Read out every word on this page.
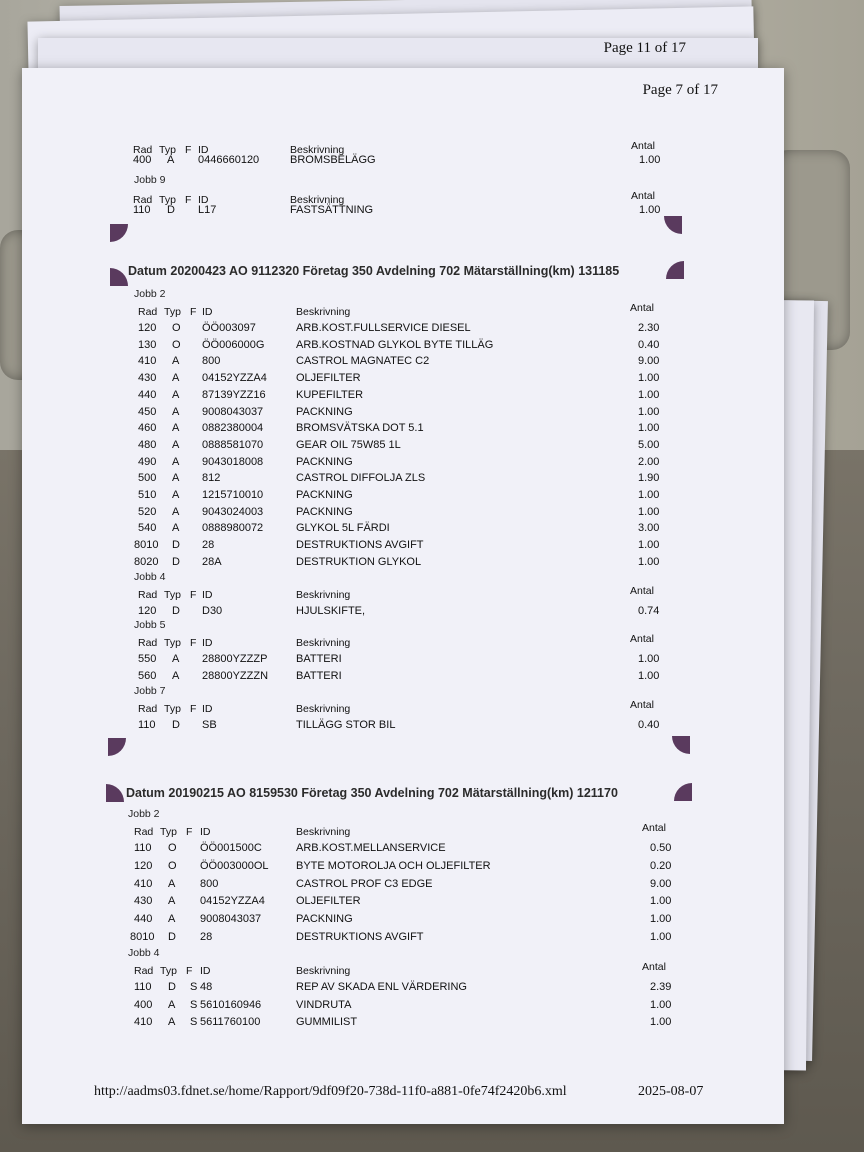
Page 11 of 17
Page 7 of 17
http://aadms03.fdnet.se/home/Rapport/9df09f20-738d-11f0-a881-0fe74f2420b6.xml	2025-08-07
Rad Typ F ID	Beskrivning	Antal
400 A 0446660120	BROMSBELÄGG	1.00
Jobb 9
Rad Typ F ID	Beskrivning	Antal
110 D L17	FASTSÄTTNING	1.00
Datum 20200423 AO 9112320 Företag 350 Avdelning 702 Mätarställning(km) 131185
Jobb 2
Rad Typ F ID	Beskrivning	Antal
120 O ÖÖ003097	ARB.KOST.FULLSERVICE DIESEL	2.30
130 O ÖÖ006000G	ARB.KOSTNAD GLYKOL BYTE TILLÄG	0.40
410 A 800	CASTROL MAGNATEC C2	9.00
430 A 04152YZZA4	OLJEFILTER	1.00
440 A 87139YZZ16	KUPEFILTER	1.00
450 A 9008043037	PACKNING	1.00
460 A 0882380004	BROMSVÄTSKA DOT 5.1	1.00
480 A 0888581070	GEAR OIL 75W85 1L	5.00
490 A 9043018008	PACKNING	2.00
500 A 812	CASTROL DIFFOLJA ZLS	1.90
510 A 1215710010	PACKNING	1.00
520 A 9043024003	PACKNING	1.00
540 A 0888980072	GLYKOL 5L FÄRDI	3.00
8010 D 28	DESTRUKTIONS AVGIFT	1.00
8020 D 28A	DESTRUKTION GLYKOL	1.00
Jobb 4
Rad Typ F ID	Beskrivning	Antal
120 D D30	HJULSKIFTE,	0.74
Jobb 5
Rad Typ F ID	Beskrivning	Antal
550 A 28800YZZZP	BATTERI	1.00
560 A 28800YZZZN	BATTERI	1.00
Jobb 7
Rad Typ F ID	Beskrivning	Antal
110 D SB	TILLÄGG STOR BIL	0.40
Datum 20190215 AO 8159530 Företag 350 Avdelning 702 Mätarställning(km) 121170
Jobb 2
Rad Typ F ID	Beskrivning	Antal
110 O ÖÖ001500C	ARB.KOST.MELLANSERVICE	0.50
120 O ÖÖ003000OL	BYTE MOTOROLJA OCH OLJEFILTER	0.20
410 A 800	CASTROL PROF C3 EDGE	9.00
430 A 04152YZZA4	OLJEFILTER	1.00
440 A 9008043037	PACKNING	1.00
8010 D 28	DESTRUKTIONS AVGIFT	1.00
Jobb 4
Rad Typ F ID	Beskrivning	Antal
110 D S 48	REP AV SKADA ENL VÄRDERING	2.39
400 A S 5610160946	VINDRUTA	1.00
410 A S 5611760100	GUMMILIST	1.00
